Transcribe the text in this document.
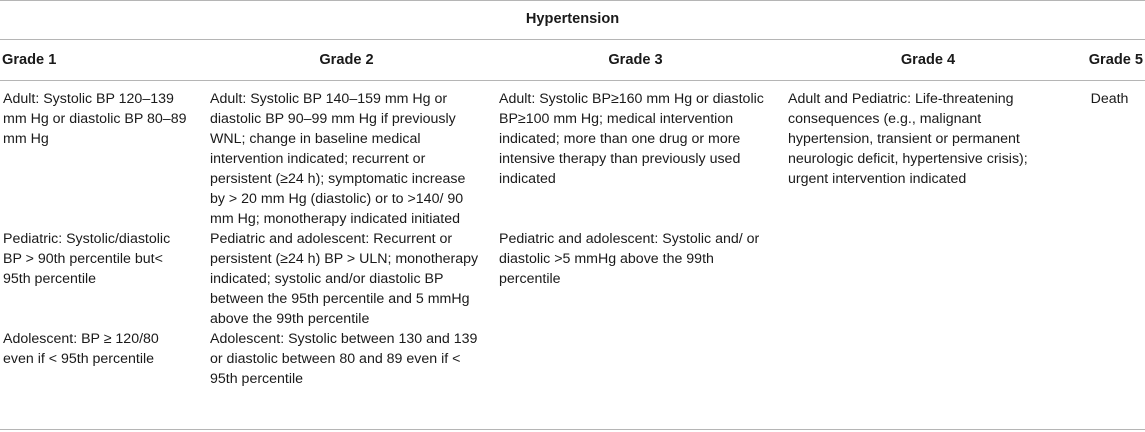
Hypertension				
Grade 1	Grade 2	Grade 3	Grade 4	Grade 5
Adult: Systolic BP 120–139 mm Hg or diastolic BP 80–89 mm Hg	Adult: Systolic BP 140–159 mm Hg or diastolic BP 90–99 mm Hg if previously WNL; change in baseline medical intervention indicated; recurrent or persistent (≥24 h); symptomatic increase by > 20 mm Hg (diastolic) or to >140/ 90 mm Hg; monotherapy indicated initiated	Adult: Systolic BP≥160 mm Hg or diastolic BP≥100 mm Hg; medical intervention indicated; more than one drug or more intensive therapy than previously used indicated	Adult and Pediatric: Life-threatening consequences (e.g., malignant hypertension, transient or permanent neurologic deficit, hypertensive crisis); urgent intervention indicated	Death
Pediatric: Systolic/diastolic BP > 90th percentile but< 95th percentile	Pediatric and adolescent: Recurrent or persistent (≥24 h) BP > ULN; monotherapy indicated; systolic and/or diastolic BP between the 95th percentile and 5 mmHg above the 99th percentile	Pediatric and adolescent: Systolic and/ or diastolic >5 mmHg above the 99th percentile		
Adolescent: BP ≥ 120/80 even if < 95th percentile	Adolescent: Systolic between 130 and 139 or diastolic between 80 and 89 even if < 95th percentile			
